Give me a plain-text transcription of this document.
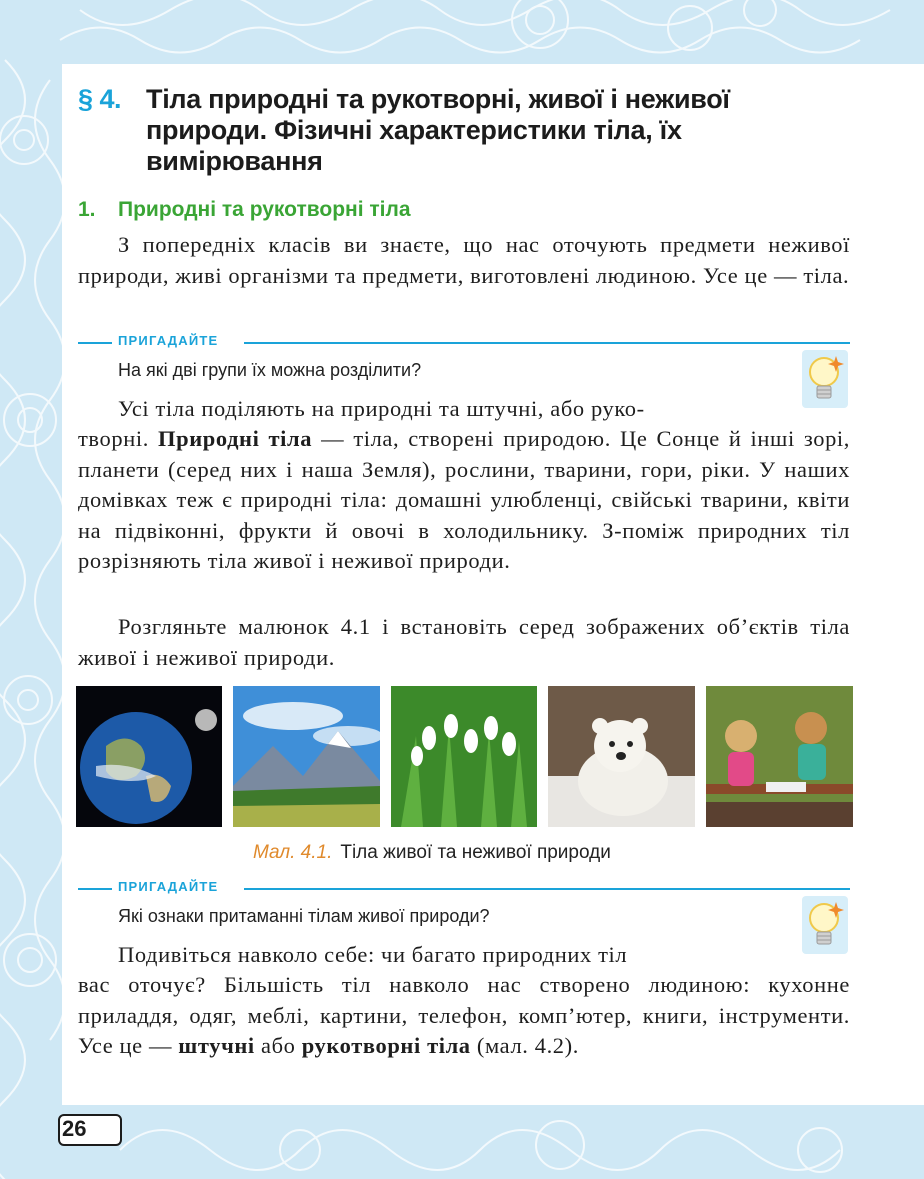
§ 4. Тіла природні та рукотворні, живої і неживої природи. Фізичні характеристики тіла, їх вимірювання
1. Природні та рукотворні тіла

З попередніх класів ви знаєте, що нас оточують предмети неживої природи, живі організми та предмети, виготовлені людиною. Усе це — тіла.

ПРИГАДАЙТЕ
На які дві групи їх можна розділити?

Усі тіла поділяють на природні та штучні, або руко-

творні. Природні тіла — тіла, створені природою. Це Сонце й інші зорі, планети (серед них і наша Земля), рослини, тварини, гори, ріки. У наших домівках теж є природні тіла: домашні улюбленці, свійські тварини, квіти на підвіконні, фрукти й овочі в холодильнику. З-поміж природних тіл розрізняють тіла живої і неживої природи.

Розгляньте малюнок 4.1 і встановіть серед зображених об’єктів тіла живої і неживої природи.

Мал. 4.1. Тіла живої та неживої природи
ПРИГАДАЙТЕ
Які ознаки притаманні тілам живої природи?

Подивіться навколо себе: чи багато природних тіл

вас оточує? Більшість тіл навколо нас створено людиною: кухонне приладдя, одяг, меблі, картини, телефон, комп’ютер, книги, інструменти. Усе це — штучні або рукотворні тіла (мал. 4.2).

26
